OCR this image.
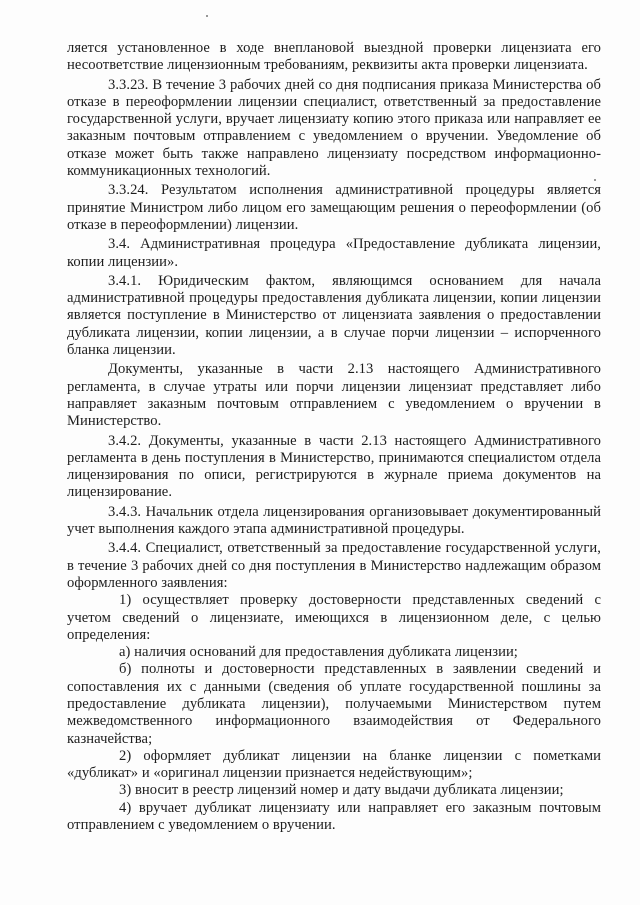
ляется установленное в ходе внеплановой выездной проверки лицензиата его несоответствие лицензионным требованиям, реквизиты акта проверки лицензиата.

3.3.23. В течение 3 рабочих дней со дня подписания приказа Министерства об отказе в переоформлении лицензии специалист, ответственный за предоставление государственной услуги, вручает лицензиату копию этого приказа или направляет ее заказным почтовым отправлением с уведомлением о вручении. Уведомление об отказе может быть также направлено лицензиату посредством информационно-коммуникационных технологий.

3.3.24. Результатом исполнения административной процедуры является принятие Министром либо лицом его замещающим решения о переоформлении (об отказе в переоформлении) лицензии.

3.4. Административная процедура «Предоставление дубликата лицензии, копии лицензии».

3.4.1. Юридическим фактом, являющимся основанием для начала административной процедуры предоставления дубликата лицензии, копии лицензии является поступление в Министерство от лицензиата заявления о предоставлении дубликата лицензии, копии лицензии, а в случае порчи лицензии – испорченного бланка лицензии.

Документы, указанные в части 2.13 настоящего Административного регламента, в случае утраты или порчи лицензии лицензиат представляет либо направляет заказным почтовым отправлением с уведомлением о вручении в Министерство.

3.4.2. Документы, указанные в части 2.13 настоящего Административного регламента в день поступления в Министерство, принимаются специалистом отдела лицензирования по описи, регистрируются в журнале приема документов на лицензирование.

3.4.3. Начальник отдела лицензирования организовывает документированный учет выполнения каждого этапа административной процедуры.

3.4.4. Специалист, ответственный за предоставление государственной услуги, в течение 3 рабочих дней со дня поступления в Министерство надлежащим образом оформленного заявления:

1) осуществляет проверку достоверности представленных сведений с учетом сведений о лицензиате, имеющихся в лицензионном деле, с целью определения:

а) наличия оснований для предоставления дубликата лицензии;

б) полноты и достоверности представленных в заявлении сведений и сопоставления их с данными (сведения об уплате государственной пошлины за предоставление дубликата лицензии), получаемыми Министерством путем межведомственного информационного взаимодействия от Федерального казначейства;

2) оформляет дубликат лицензии на бланке лицензии с пометками «дубликат» и «оригинал лицензии признается недействующим»;

3) вносит в реестр лицензий номер и дату выдачи дубликата лицензии;

4) вручает дубликат лицензиату или направляет его заказным почтовым отправлением с уведомлением о вручении.
